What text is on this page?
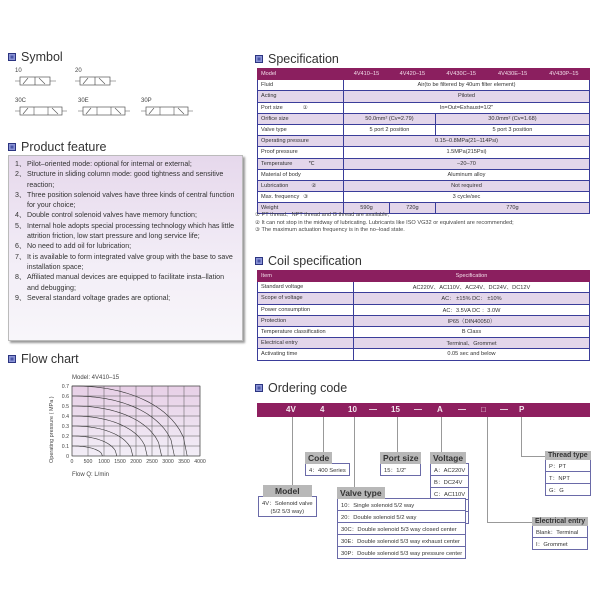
Symbol
10	20
30C	30E	30P
Product feature
1、 Pilot–oriented mode: optional for internal or external;
2、 Structure in sliding column mode: good tightness and sensitive reaction;
3、 Three position solenoid valves have three kinds of central function for your choice;
4、 Double control solenoid valves have memory function;
5、 Internal hole adopts special processing technology which has little attrition friction, low start pressure and long service life;
6、 No need to add oil for lubrication;
7、 It is available to form integrated valve group with the base to save installation space;
8、 Affiliated manual devices are equipped to facilitate insta–llation and debugging;
9、 Several standard voltage grades are optional;
Flow chart
Model: 4V410–15
Operating pressure ( MPa )
Flow Q: L/min
0 500 1000 1500 2000 2500 3000 3500 4000
0
0.1
0.2
0.3
0.4
0.5
0.6
0.7
Specification
Model	4V410–15	4V420–15	4V430C–15	4V430E–15	4V430P–15
Fluid	Air(to be filtered by 40um filter element)				
Acting	Piloted				
Port size ①	In=Out=Exhaust=1/2"				
Orifice size	50.0mm² (Cv=2.79)		30.0mm² (Cv=1.68)		
Valve type	5 port 2 position		5 port 3 position		
Operating pressure	0.15–0.8MPa(21–114Psi)				
Proof pressure	1.5MPa(215Psi)				
Temperature ℃	–20–70				
Material of body	Aluminum alloy				
Lubrication ②	Not required				
Max. frequency ③	3 cycle/sec				
Weight	590g	720g	770g		
① PT thread、NPT thread and G thread are available;
② It can not stop in the midway of lubricating. Lubricants like ISO VG32 or equivalent are recommended;
③ The maximum actuation frequency is in the no–load state.
Coil specification
Item	Specification
Standard voltage	AC220V、AC110V、AC24V、DC24V、DC12V
Scope of voltage	AC： ±15% DC： ±10%
Power consumption	AC：3.5VA DC ：3.0W
Protection	IP65（DIN40050）
Temperature classification	B Class
Electrical entry	Terminal、Grommet
Activating time	0.05 sec and below
Ordering code
4V	4	10 — 15 — A — □ — P
Code
4：400 Series
Port size
15：1/2"
Voltage
A：AC220V
B：DC24V
C：AC110V
Model
4V：Solenoid valve
(5/2 5/3 way)
Valve type
10：Single solenoid 5/2 way
20：Double solenoid 5/2 way
30C：Double solenoid 5/3 way closed center
30E：Double solenoid 5/3 way exhaust center
30P：Double solenoid 5/3 way pressure center
Thread type
P：PT
T：NPT
G：G
Electrical entry
Blank：Terminal
I：Grommet
